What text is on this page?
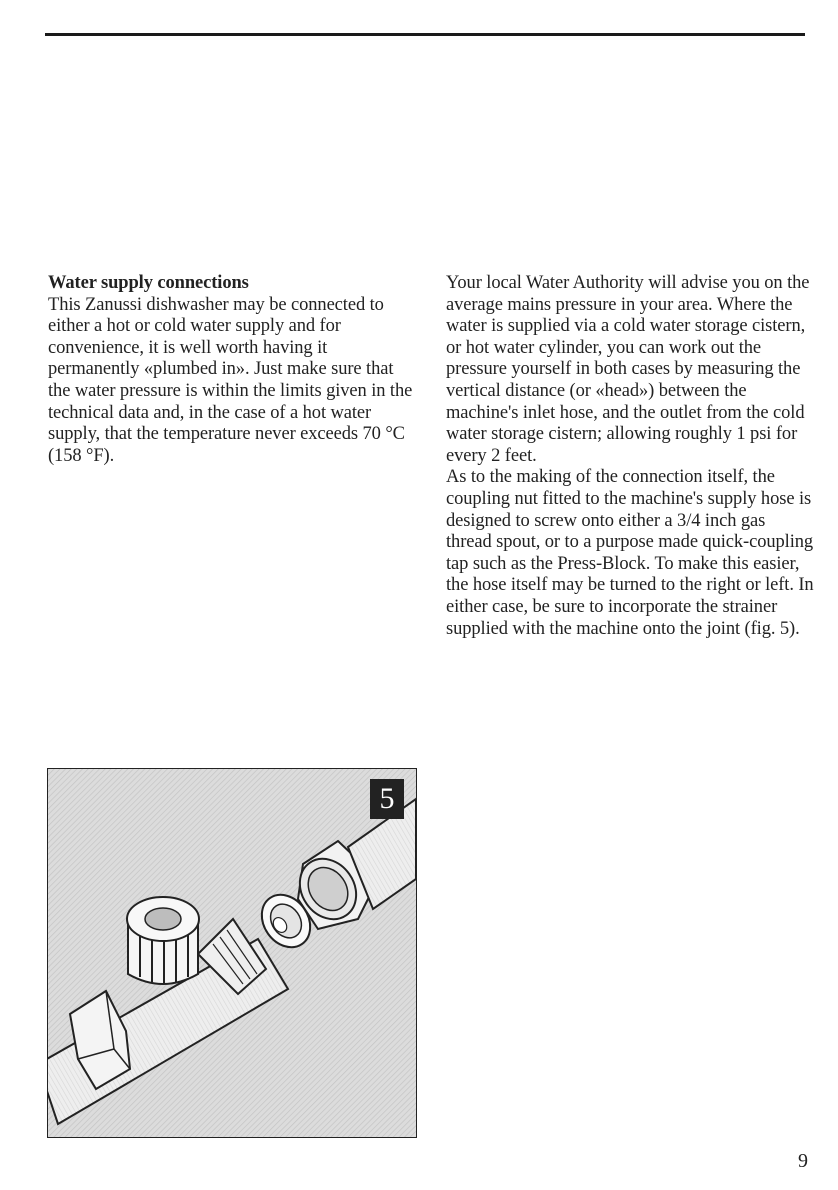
Water supply connections
This Zanussi dishwasher may be connected to either a hot or cold water supply and for convenience, it is well worth having it permanently «plumbed in». Just make sure that the water pressure is within the limits given in the technical data and, in the case of a hot water supply, that the temperature never exceeds 70 °C (158 °F).
Your local Water Authority will advise you on the average mains pressure in your area. Where the water is supplied via a cold water storage cistern, or hot water cylinder, you can work out the pressure yourself in both cases by measuring the vertical distance (or «head») between the machine's inlet hose, and the outlet from the cold water storage cistern; allowing roughly 1 psi for every 2 feet.
As to the making of the connection itself, the coupling nut fitted to the machine's supply hose is designed to screw onto either a 3/4 inch gas thread spout, or to a purpose made quick-coupling tap such as the Press-Block. To make this easier, the hose itself may be turned to the right or left. In either case, be sure to incorporate the strainer supplied with the machine onto the joint (fig. 5).
5
9
